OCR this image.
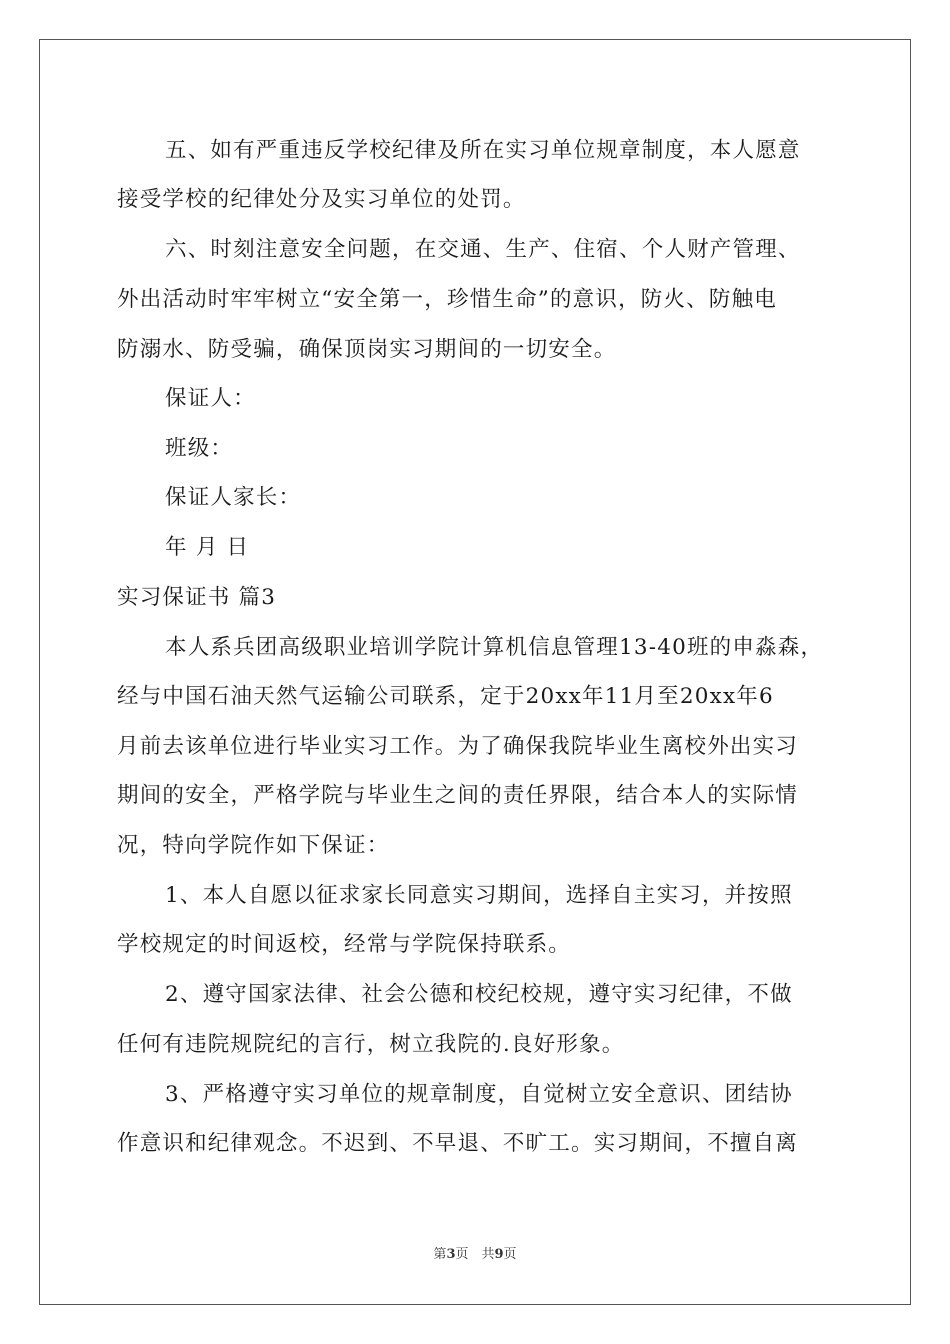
五、如有严重违反学校纪律及所在实习单位规章制度，本人愿意
接受学校的纪律处分及实习单位的处罚。
六、时刻注意安全问题，在交通、生产、住宿、个人财产管理、
外出活动时牢牢树立“安全第一，珍惜生命”的意识，防火、防触电
防溺水、防受骗，确保顶岗实习期间的一切安全。
保证人：
班级：
保证人家长：
年 月 日
实习保证书 篇3
本人系兵团高级职业培训学院计算机信息管理13-40班的申淼森，
经与中国石油天然气运输公司联系，定于20xx年11月至20xx年6
月前去该单位进行毕业实习工作。为了确保我院毕业生离校外出实习
期间的安全，严格学院与毕业生之间的责任界限，结合本人的实际情
况，特向学院作如下保证：
1、本人自愿以征求家长同意实习期间，选择自主实习，并按照
学校规定的时间返校，经常与学院保持联系。
2、遵守国家法律、社会公德和校纪校规，遵守实习纪律，不做
任何有违院规院纪的言行，树立我院的.良好形象。
3、严格遵守实习单位的规章制度，自觉树立安全意识、团结协
作意识和纪律观念。不迟到、不早退、不旷工。实习期间，不擅自离
第3页　共9页
